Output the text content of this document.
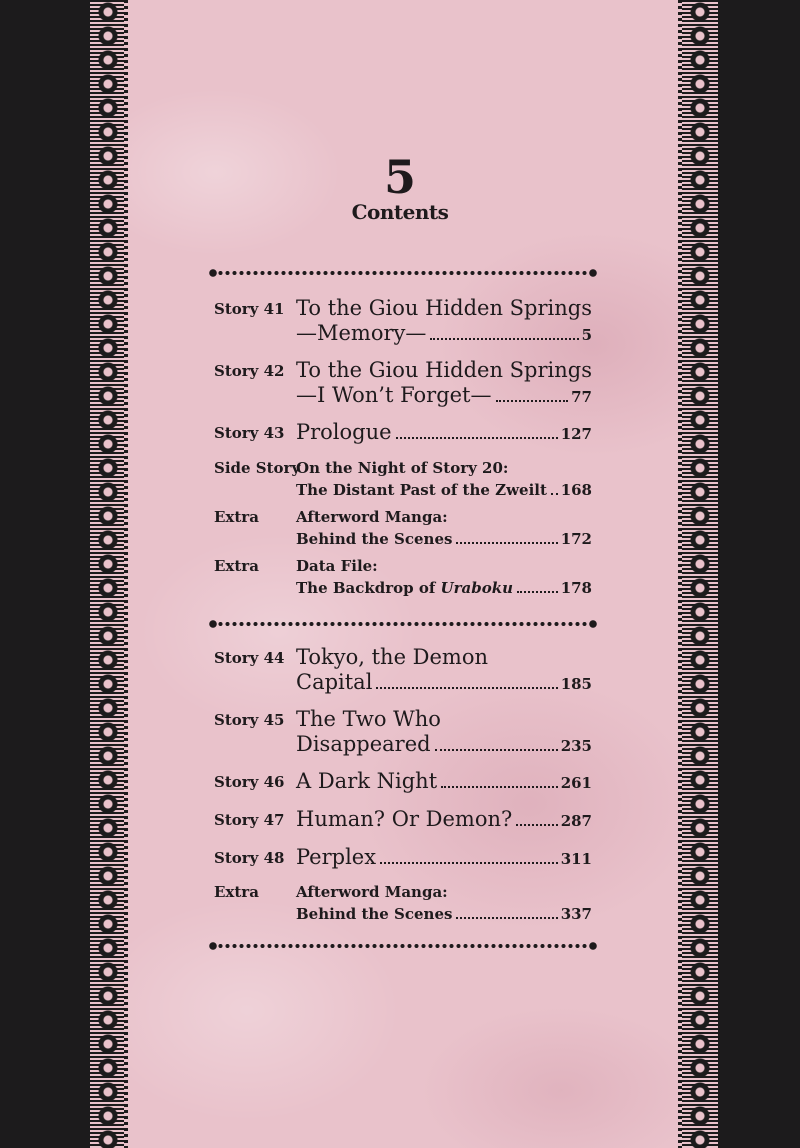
5
Contents
Story 41 To the Giou Hidden Springs
—Memory—	5
Story 42 To the Giou Hidden Springs
—I Won’t Forget—	77
Story 43 Prologue	127
Side Story
On the Night of Story 20:
The Distant Past of the Zweilt 168
Extra Afterword Manga:
Behind the Scenes	172
Extra Data File:
The Backdrop of Uraboku	178
Story 44 Tokyo, the Demon
Capital	185
Story 45 The Two Who
Disappeared	235
Story 46 A Dark Night	261
Story 47 Human? Or Demon?	287
Story 48 Perplex	311
Extra Afterword Manga:
Behind the Scenes	337
